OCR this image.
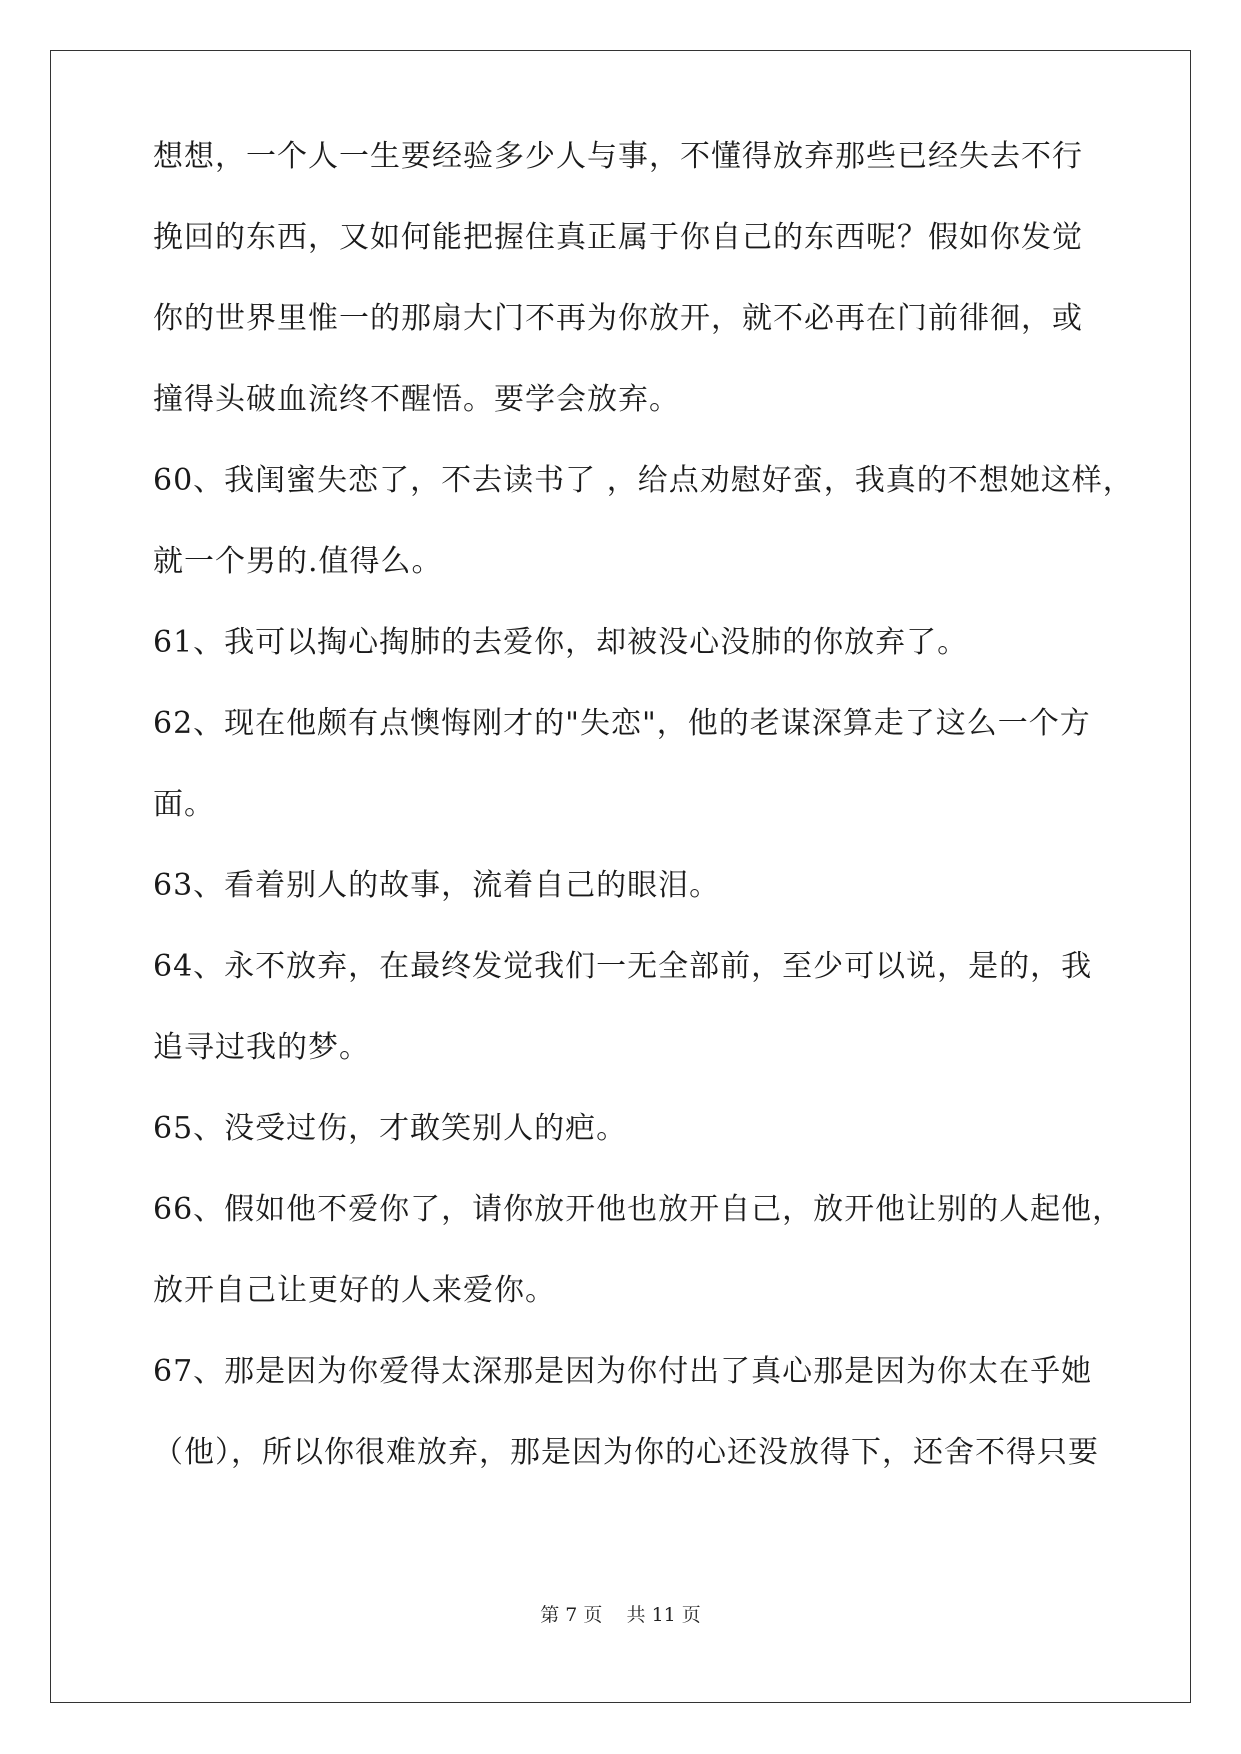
想想，一个人一生要经验多少人与事，不懂得放弃那些已经失去不行
挽回的东西，又如何能把握住真正属于你自己的东西呢？假如你发觉
你的世界里惟一的那扇大门不再为你放开，就不必再在门前徘徊，或
撞得头破血流终不醒悟。要学会放弃。
60、我闺蜜失恋了，不去读书了 ，给点劝慰好蛮，我真的不想她这样，
就一个男的.值得么。
61、我可以掏心掏肺的去爱你，却被没心没肺的你放弃了。
62、现在他颇有点懊悔刚才的"失恋"，他的老谋深算走了这么一个方
面。
63、看着别人的故事，流着自己的眼泪。
64、永不放弃，在最终发觉我们一无全部前，至少可以说，是的，我
追寻过我的梦。
65、没受过伤，才敢笑别人的疤。
66、假如他不爱你了，请你放开他也放开自己，放开他让别的人起他，
放开自己让更好的人来爱你。
67、那是因为你爱得太深那是因为你付出了真心那是因为你太在乎她
（他），所以你很难放弃，那是因为你的心还没放得下，还舍不得只要
第 7 页    共 11 页
